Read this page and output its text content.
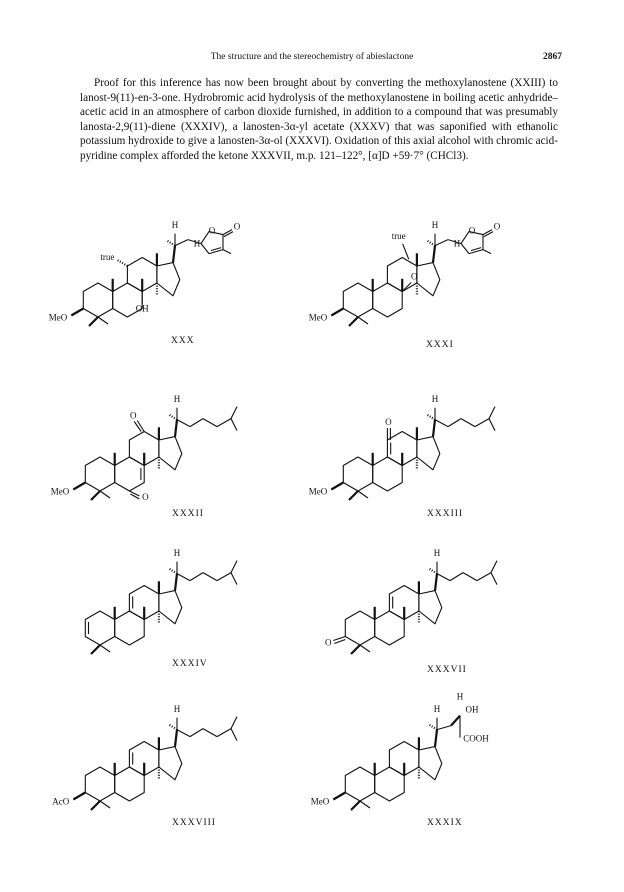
The structure and the stereochemistry of abieslactone	2867

Proof for this inference has now been brought about by converting the methoxylanostene (XXIII) to lanost-9(11)-en-3-one. Hydrobromic acid hydrolysis of the methoxylanostene in boiling acetic anhydride–acetic acid in an atmosphere of carbon dioxide furnished, in addition to a compound that was presumably lanosta-2,9(11)-diene (XXXIV), a lanosten-3α-yl acetate (XXXV) that was saponified with ethanolic potassium hydroxide to give a lanosten-3α-ol (XXXVI). Oxidation of this axial alcohol with chromic acid-pyridine complex afforded the ketone XXXVII, m.p. 121–122°, [α]D +59·7° (CHCl3).

H
O O
H
MeO
true
OH
H
O O
H
MeO
true
O
H
MeO
O
O
H
MeO
O
H	H
O
H
AcO
H	OH
COOH
H
MeO
XXX	XXXI
XXXII	XXXIII
XXXIV
XXXVII
XXXVIII	XXXIX
